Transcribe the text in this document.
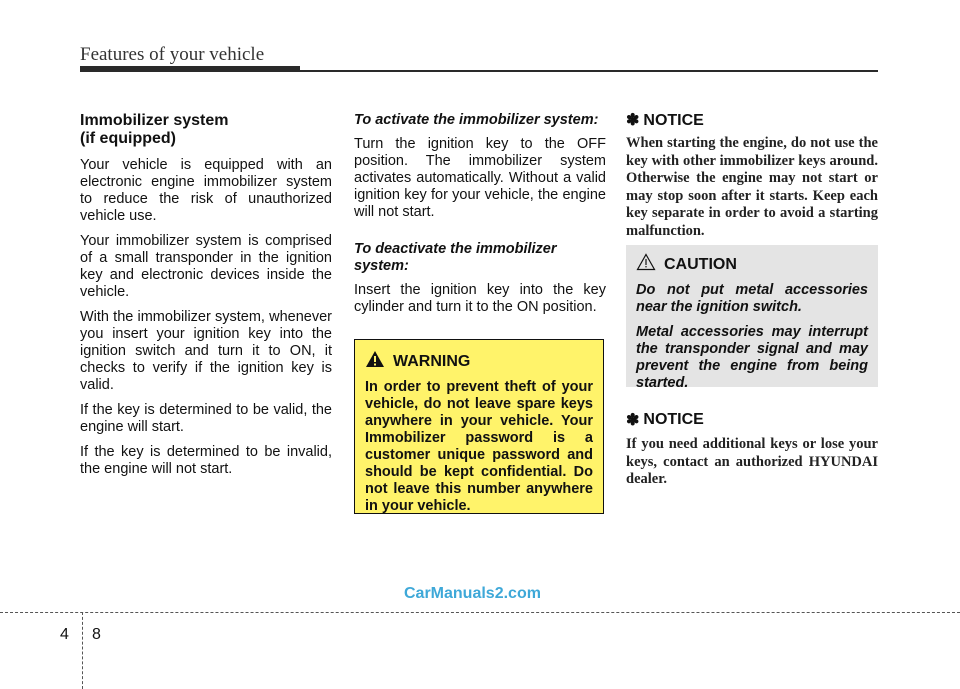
Features of your vehicle
Immobilizer system
(if equipped)

Your vehicle is equipped with an electronic engine immobilizer system to reduce the risk of unauthorized vehicle use.

Your immobilizer system is comprised of a small transponder in the ignition key and electronic devices inside the vehicle.

With the immobilizer system, whenever you insert your ignition key into the ignition switch and turn it to ON, it checks to verify if the ignition key is valid.

If the key is determined to be valid, the engine will start.

If the key is determined to be invalid, the engine will not start.

To activate the immobilizer system:

Turn the ignition key to the OFF position. The immobilizer system activates automatically. Without a valid ignition key for your vehicle, the engine will not start.

To deactivate the immobilizer system:

Insert the ignition key into the key cylinder and turn it to the ON position.

WARNING
In order to prevent theft of your vehicle, do not leave spare keys anywhere in your vehicle. Your Immobilizer password is a customer unique password and should be kept confidential. Do not leave this number anywhere in your vehicle.
✽ NOTICE

When starting the engine, do not use the key with other immobilizer keys around. Otherwise the engine may not start or may stop soon after it starts. Keep each key separate in order to avoid a starting malfunction.

CAUTION

Do not put metal accessories near the ignition switch.

Metal accessories may interrupt the transponder signal and may prevent the engine from being started.

✽ NOTICE

If you need additional keys or lose your keys, contact an authorized HYUNDAI dealer.

CarManuals2.com
4 8
